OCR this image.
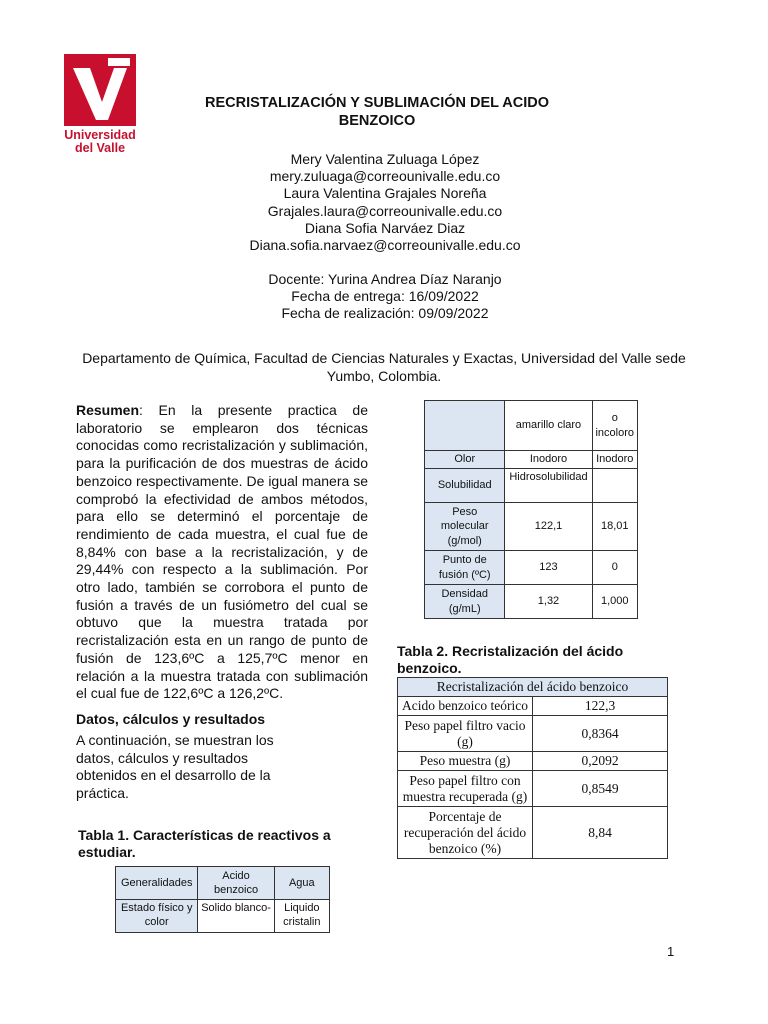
Universidad
del Valle
RECRISTALIZACIÓN Y SUBLIMACIÓN DEL ACIDO
BENZOICO
Mery Valentina Zuluaga López
mery.zuluaga@correounivalle.edu.co
Laura Valentina Grajales Noreña
Grajales.laura@correounivalle.edu.co
Diana Sofia Narváez Diaz
Diana.sofia.narvaez@correounivalle.edu.co
Docente: Yurina Andrea Díaz Naranjo
Fecha de entrega: 16/09/2022
Fecha de realización: 09/09/2022
Departamento de Química, Facultad de Ciencias Naturales y Exactas, Universidad del Valle sede Yumbo, Colombia.
Resumen: En la presente practica de laboratorio se emplearon dos técnicas conocidas como recristalización y sublimación, para la purificación de dos muestras de ácido benzoico respectivamente. De igual manera se comprobó la efectividad de ambos métodos, para ello se determinó el porcentaje de rendimiento de cada muestra, el cual fue de 8,84% con base a la recristalización, y de 29,44% con respecto a la sublimación. Por otro lado, también se corrobora el punto de fusión a través de un fusiómetro del cual se obtuvo que la muestra tratada por recristalización esta en un rango de punto de fusión de 123,6ºC a 125,7ºC menor en relación a la muestra tratada con sublimación el cual fue de 122,6ºC a 126,2ºC.
Datos, cálculos y resultados
A continuación, se muestran los datos, cálculos y resultados obtenidos en el desarrollo de la práctica.
Tabla 1. Características de reactivos a estudiar.
Generalidades	Acido benzoico	Agua
Estado físico y color	Solido blanco-	Liquido cristalin
	amarillo claro	o incoloro
Olor	Inodoro	Inodoro
Solubilidad	Hidrosolubilidad	
Peso molecular (g/mol)	122,1	18,01
Punto de fusión (ºC)	123	0
Densidad (g/mL)	1,32	1,000
Tabla 2. Recristalización del ácido benzoico.
Recristalización del ácido benzoico	
Acido benzoico teórico	122,3
Peso papel filtro vacio (g)	0,8364
Peso muestra (g)	0,2092
Peso papel filtro con muestra recuperada (g)	0,8549
Porcentaje de recuperación del ácido benzoico (%)	8,84
1
